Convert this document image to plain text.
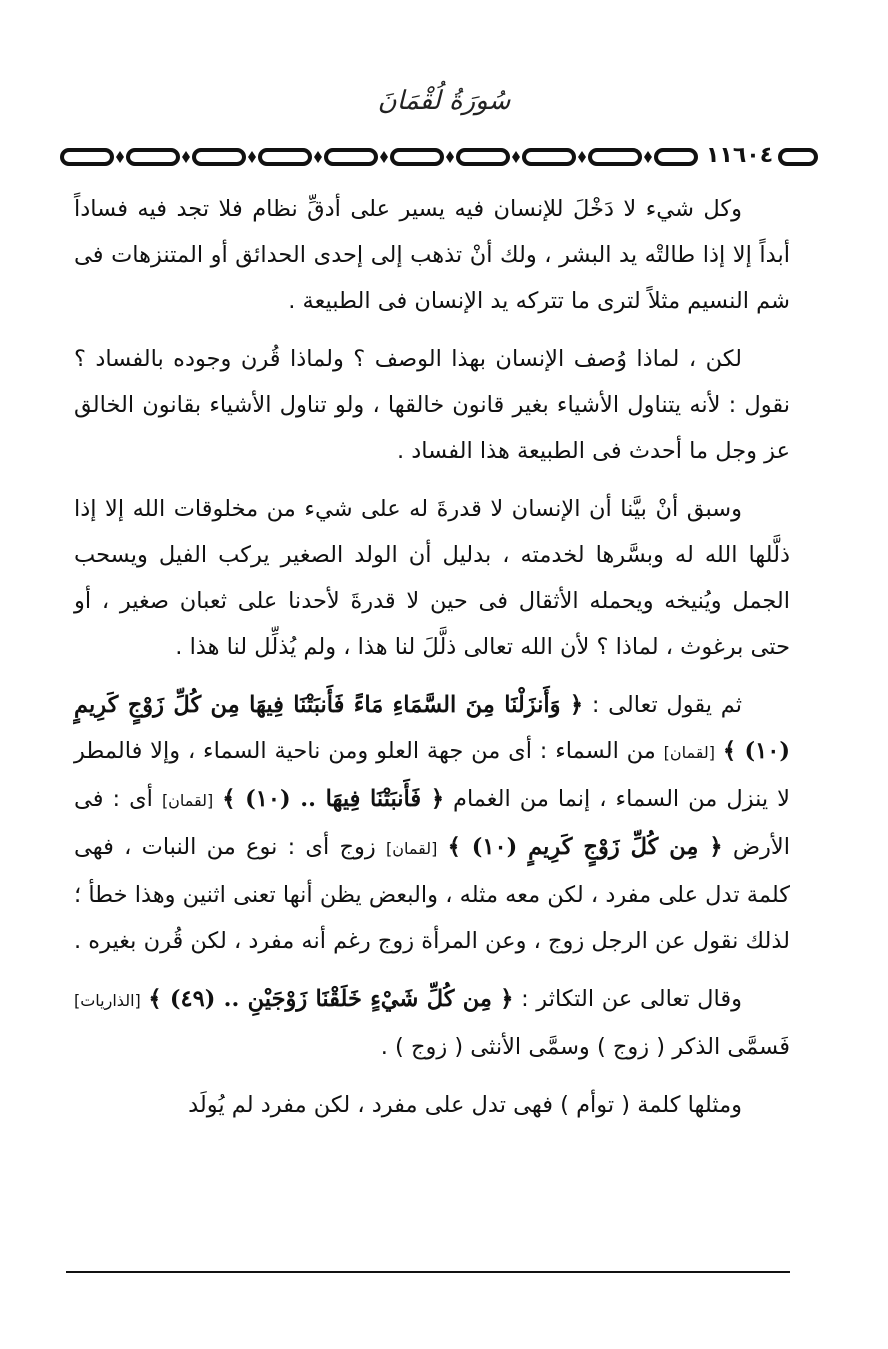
سُورَةُ لُقْمَانَ
١١٦٠٤

وكل شيء لا دَخْلَ للإنسان فيه يسير على أدقِّ نظام فلا تجد فيه فساداً أبداً إلا إذا طالتْه يد البشر ، ولك أنْ تذهب إلى إحدى الحدائق أو المتنزهات فى شم النسيم مثلاً لترى ما تتركه يد الإنسان فى الطبيعة .

لكن ، لماذا وُصف الإنسان بهذا الوصف ؟ ولماذا قُرن وجوده بالفساد ؟ نقول : لأنه يتناول الأشياء بغير قانون خالقها ، ولو تناول الأشياء بقانون الخالق عز وجل ما أحدث فى الطبيعة هذا الفساد .

وسبق أنْ بيَّنا أن الإنسان لا قدرةَ له على شيء من مخلوقات الله إلا إذا ذلَّلها الله له وبسَّرها لخدمته ، بدليل أن الولد الصغير يركب الفيل ويسحب الجمل ويُنيخه ويحمله الأثقال فى حين لا قدرةَ لأحدنا على ثعبان صغير ، أو حتى برغوث ، لماذا ؟ لأن الله تعالى ذلَّلَ لنا هذا ، ولم يُذلِّل لنا هذا .

ثم يقول تعالى : ﴿ وَأَنزَلْنَا مِنَ السَّمَاءِ مَاءً فَأَنبَتْنَا فِيهَا مِن كُلِّ زَوْجٍ كَرِيمٍ (١٠) ﴾ [لقمان] من السماء : أى من جهة العلو ومن ناحية السماء ، وإلا فالمطر لا ينزل من السماء ، إنما من الغمام ﴿ فَأَنبَتْنَا فِيهَا .. (١٠) ﴾ [لقمان] أى : فى الأرض ﴿ مِن كُلِّ زَوْجٍ كَرِيمٍ (١٠) ﴾ [لقمان] زوج أى : نوع من النبات ، فهى كلمة تدل على مفرد ، لكن معه مثله ، والبعض يظن أنها تعنى اثنين وهذا خطأ ؛ لذلك نقول عن الرجل زوج ، وعن المرأة زوج رغم أنه مفرد ، لكن قُرن بغيره .

وقال تعالى عن التكاثر : ﴿ مِن كُلِّ شَيْءٍ خَلَقْنَا زَوْجَيْنِ .. (٤٩) ﴾ [الذاريات] فَسمَّى الذكر ( زوج ) وسمَّى الأنثى ( زوج ) .

ومثلها كلمة ( توأم ) فهى تدل على مفرد ، لكن مفرد لم يُولَد
